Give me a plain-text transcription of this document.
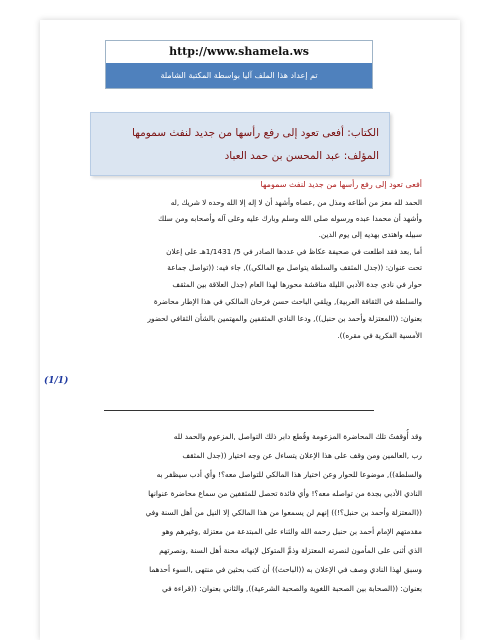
http://www.shamela.ws
تم إعداد هذا الملف آليا بواسطة المكتبة الشاملة
الكتاب: أفعى تعود إلى رفع رأسها من جديد لنفث سمومها
المؤلف: عبد المحسن بن حمد العباد
أفعى تعود إلى رفع رأسها من جديد لنفث سمومها
الحمد لله معز من أطاعه ومذل من ,عصاه وأشهد أن لا إله إلا الله وحده لا شريك ,له
وأشهد أن محمدا عبده ورسوله صلى الله وسلم وبارك عليه وعلى آله وأصحابه ومن سلك
سبيله واهتدى بهديه إلى يوم الدين.
أما ,بعد فقد اطلعت في صحيفة عكاظ في عددها الصادر في 5/ 1/1431هـ على إعلان
تحت عنوان: ((جدل المثقف والسلطة يتواصل مع المالكي)), جاء فيه: ((تواصل جماعة
حوار في نادي جدة الأدبي الليلة مناقشة محورها لهذا العام (جدل العلاقة بين المثقف
والسلطة في الثقافة العربية), ويلقي الباحث حسن فرحان المالكي في هذا الإطار محاضرة
بعنوان: ((المعتزلة وأحمد بن حنبل)), ودعا النادي المثقفين والمهتمين بالشأن الثقافي لحضور
الأمسية الفكرية في مقره)).
(1/1)
وقد أُوقفتُ تلك المحاضرة المزعومة وقُطع دابر ذلك التواصل ,المزعوم والحمد لله
رب ,العالمين ومن وقف على هذا الإعلان يتساءل عن وجه اختيار ((جدل المثقف
والسلطة)), موضوعا للحوار وعن اختيار هذا المالكي للتواصل معه؟! وأي أدب سيظفر به
النادي الأدبي بجدة من تواصله معه؟! وأي فائدة تحصل للمثقفين من سماع محاضرة عنوانها
((المعتزلة وأحمد بن حنبل؟!)) إنهم لن يسمعوا من هذا المالكي إلا النيل من أهل السنة وفي
مقدمتهم الإمام أحمد بن حنبل رحمه الله والثناء على المبتدعة من معتزلة ,وغيرهم وهو
الذي أثنى على المأمون لنصرته المعتزلة وذمَّ المتوكل لإنهائه محنة أهل السنة ,ونصرتهم
وسبق لهذا النادي وصف في الإعلان به ((الباحث)) أن كتب بحثين في منتهى ,السوء أحدهما
بعنوان: ((الصحابة بين الصحبة اللغوية والصحبة الشرعية)), والثاني بعنوان: ((قراءة في
